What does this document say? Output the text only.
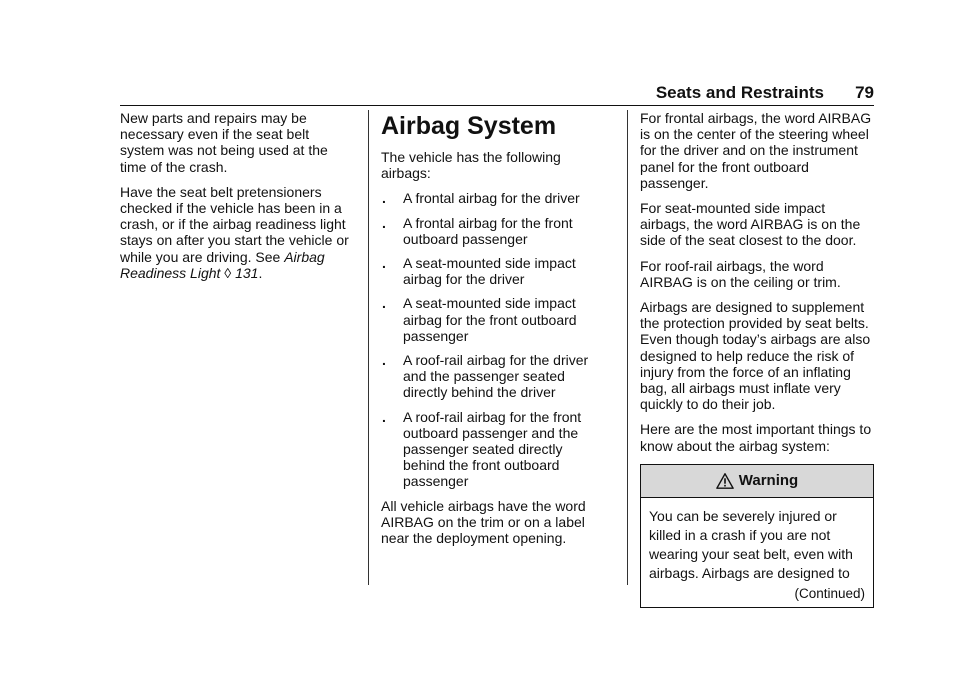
Seats and Restraints 79

New parts and repairs may be necessary even if the seat belt system was not being used at the time of the crash.

Have the seat belt pretensioners checked if the vehicle has been in a crash, or if the airbag readiness light stays on after you start the vehicle or while you are driving. See Airbag Readiness Light ◊ 131.

Airbag System

The vehicle has the following airbags:

. A frontal airbag for the driver
. A frontal airbag for the front outboard passenger
. A seat-mounted side impact airbag for the driver
. A seat-mounted side impact airbag for the front outboard passenger
. A roof-rail airbag for the driver and the passenger seated directly behind the driver
. A roof-rail airbag for the front outboard passenger and the passenger seated directly behind the front outboard passenger

All vehicle airbags have the word AIRBAG on the trim or on a label near the deployment opening.

For frontal airbags, the word AIRBAG is on the center of the steering wheel for the driver and on the instrument panel for the front outboard passenger.

For seat-mounted side impact airbags, the word AIRBAG is on the side of the seat closest to the door.

For roof-rail airbags, the word AIRBAG is on the ceiling or trim.

Airbags are designed to supplement the protection provided by seat belts. Even though today’s airbags are also designed to help reduce the risk of injury from the force of an inflating bag, all airbags must inflate very quickly to do their job.

Here are the most important things to know about the airbag system:

Warning
You can be severely injured or killed in a crash if you are not wearing your seat belt, even with airbags. Airbags are designed to
(Continued)
